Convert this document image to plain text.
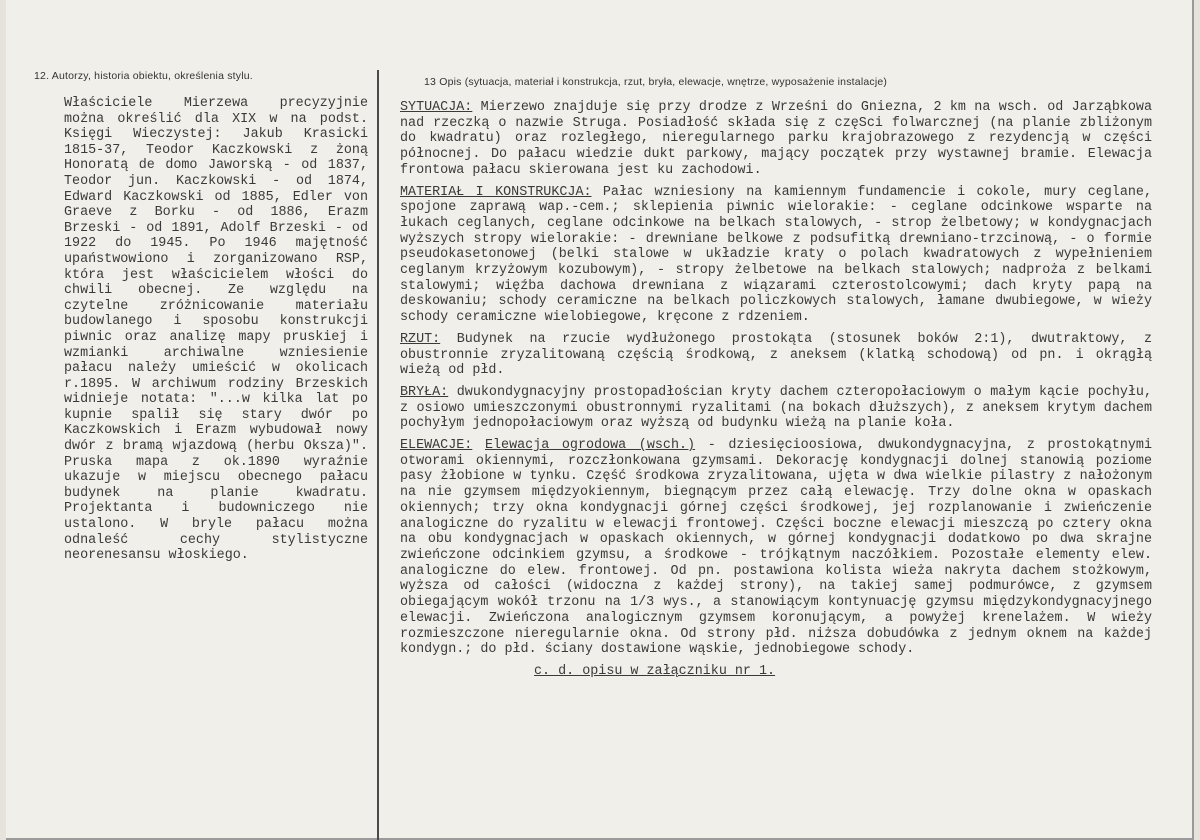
12. Autorzy, historia obiektu, określenia stylu.	13 Opis (sytuacja, materiał i konstrukcja, rzut, bryła, elewacje, wnętrze, wyposażenie instalacje)
Właściciele Mierzewa precyzyjnie można określić dla XIX w na podst. Księgi Wieczystej: Jakub Krasicki 1815-37, Teodor Kaczkowski z żoną Honoratą de domo Jaworską - od 1837, Teodor jun. Kaczkowski - od 1874, Edward Kaczkowski od 1885, Edler von Graeve z Borku - od 1886, Erazm Brzeski - od 1891, Adolf Brzeski - od 1922 do 1945. Po 1946 majętność upaństwowiono i zorganizowano RSP, która jest właścicielem włości do chwili obecnej. Ze względu na czytelne zróżnicowanie materiału budowlanego i sposobu konstrukcji piwnic oraz analizę mapy pruskiej i wzmianki archiwalne wzniesienie pałacu należy umieścić w okolicach r.1895. W archiwum rodziny Brzeskich widnieje notata: "...w kilka lat po kupnie spalił się stary dwór po Kaczkowskich i Erazm wybudował nowy dwór z bramą wjazdową (herbu Oksza)". Pruska mapa z ok.1890 wyraźnie ukazuje w miejscu obecnego pałacu budynek na planie kwadratu. Projektanta i budowniczego nie ustalono. W bryle pałacu można odnaleść cechy stylistyczne neorenesansu włoskiego.

SYTUACJA: Mierzewo znajduje się przy drodze z Wrześni do Gniezna, 2 km na wsch. od Jarząbkowa nad rzeczką o nazwie Struga. Posiadłość składa się z częSci folwarcznej (na planie zbliżonym do kwadratu) oraz rozległego, nieregularnego parku krajobrazowego z rezydencją w części północnej. Do pałacu wiedzie dukt parkowy, mający początek przy wystawnej bramie. Elewacja frontowa pałacu skierowana jest ku zachodowi.

MATERIAŁ I KONSTRUKCJA: Pałac wzniesiony na kamiennym fundamencie i cokole, mury ceglane, spojone zaprawą wap.-cem.; sklepienia piwnic wielorakie: - ceglane odcinkowe wsparte na łukach ceglanych, ceglane odcinkowe na belkach stalowych, - strop żelbetowy; w kondygnacjach wyższych stropy wielorakie: - drewniane belkowe z podsufitką drewniano-trzcinową, - o formie pseudokasetonowej (belki stalowe w układzie kraty o polach kwadratowych z wypełnieniem ceglanym krzyżowym kozubowym), - stropy żelbetowe na belkach stalowych; nadproża z belkami stalowymi; więźba dachowa drewniana z wiązarami czterostolcowymi; dach kryty papą na deskowaniu; schody ceramiczne na belkach policzkowych stalowych, łamane dwubiegowe, w wieży schody ceramiczne wielobiegowe, kręcone z rdzeniem.

RZUT: Budynek na rzucie wydłużonego prostokąta (stosunek boków 2:1), dwutraktowy, z obustronnie zryzalitowaną częścią środkową, z aneksem (klatką schodową) od pn. i okrągłą wieżą od płd.

BRYŁA: dwukondygnacyjny prostopadłościan kryty dachem czteropołaciowym o małym kącie pochyłu, z osiowo umieszczonymi obustronnymi ryzalitami (na bokach dłuższych), z aneksem krytym dachem pochyłym jednopołaciowym oraz wyższą od budynku wieżą na planie koła.

ELEWACJE: Elewacja ogrodowa (wsch.) - dziesięcioosiowa, dwukondygnacyjna, z prostokątnymi otworami okiennymi, rozczłonkowana gzymsami. Dekorację kondygnacji dolnej stanowią poziome pasy żłobione w tynku. Część środkowa zryzalitowana, ujęta w dwa wielkie pilastry z nałożonym na nie gzymsem międzyokiennym, biegnącym przez całą elewację. Trzy dolne okna w opaskach okiennych; trzy okna kondygnacji górnej części środkowej, jej rozplanowanie i zwieńczenie analogiczne do ryzalitu w elewacji frontowej. Części boczne elewacji mieszczą po cztery okna na obu kondygnacjach w opaskach okiennych, w górnej kondygnacji dodatkowo po dwa skrajne zwieńczone odcinkiem gzymsu, a środkowe - trójkątnym naczółkiem. Pozostałe elementy elew. analogiczne do elew. frontowej. Od pn. postawiona kolista wieża nakryta dachem stożkowym, wyższa od całości (widoczna z każdej strony), na takiej samej podmurówce, z gzymsem obiegającym wokół trzonu na 1/3 wys., a stanowiącym kontynuację gzymsu międzykondygnacyjnego elewacji. Zwieńczona analogicznym gzymsem koronującym, a powyżej krenelażem. W wieży rozmieszczone nieregularnie okna. Od strony płd. niższa dobudówka z jednym oknem na każdej kondygn.; do płd. ściany dostawione wąskie, jednobiegowe schody.

c. d. opisu w załączniku nr 1.
